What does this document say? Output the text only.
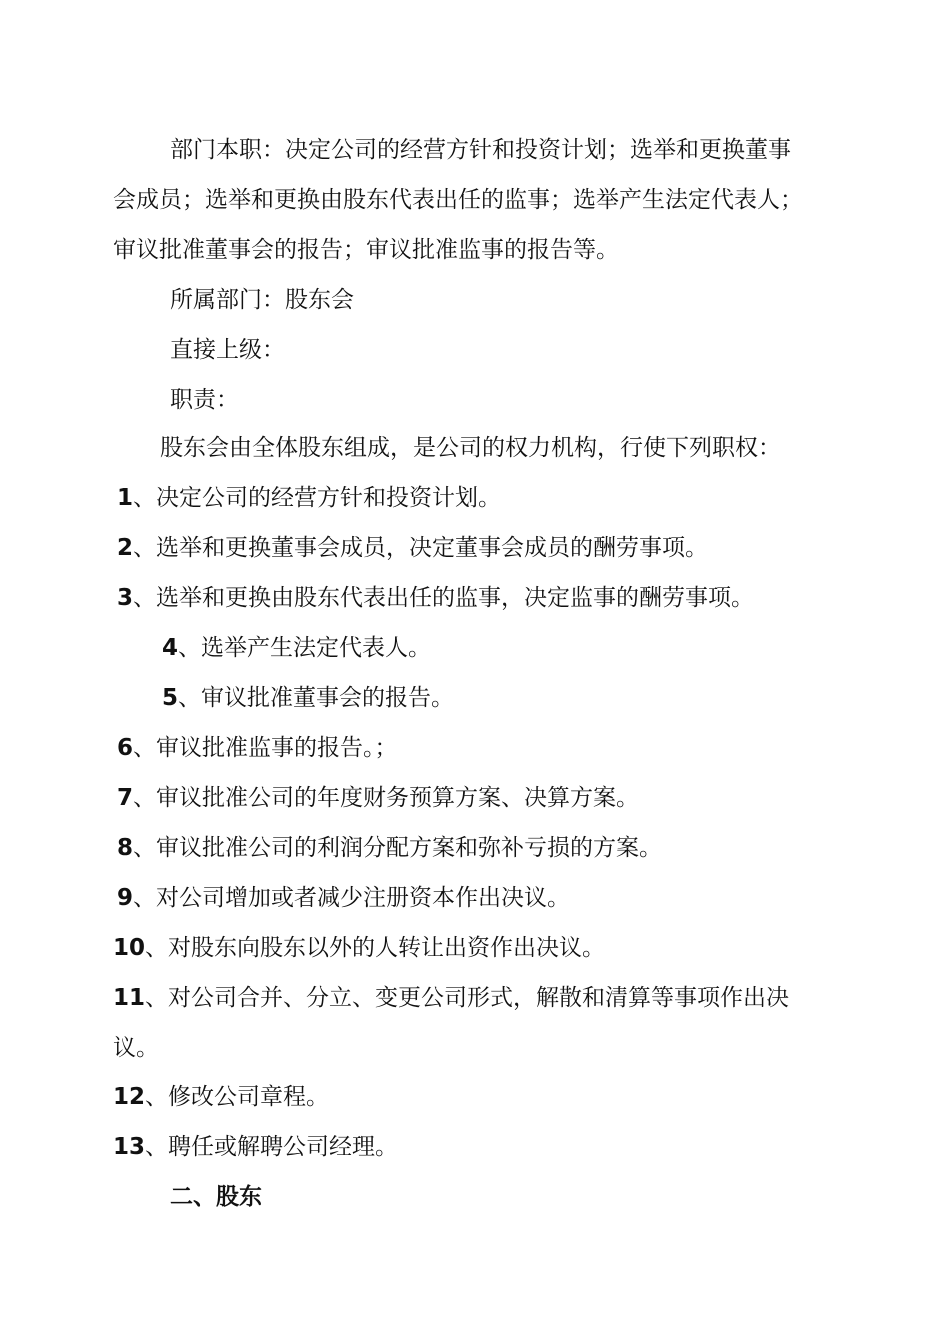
部门本职：决定公司的经营方针和投资计划；选举和更换董事
会成员；选举和更换由股东代表出任的监事；选举产生法定代表人；
审议批准董事会的报告；审议批准监事的报告等。
所属部门：股东会
直接上级：
职责：
股东会由全体股东组成，是公司的权力机构，行使下列职权：
1、决定公司的经营方针和投资计划。
2、选举和更换董事会成员，决定董事会成员的酬劳事项。
3、选举和更换由股东代表出任的监事，决定监事的酬劳事项。
4、选举产生法定代表人。
5、审议批准董事会的报告。
6、审议批准监事的报告。；
7、审议批准公司的年度财务预算方案、决算方案。
8、审议批准公司的利润分配方案和弥补亏损的方案。
9、对公司增加或者减少注册资本作出决议。
10、对股东向股东以外的人转让出资作出决议。
11、对公司合并、分立、变更公司形式，解散和清算等事项作出决
议。
12、修改公司章程。
13、聘任或解聘公司经理。
二、股东
